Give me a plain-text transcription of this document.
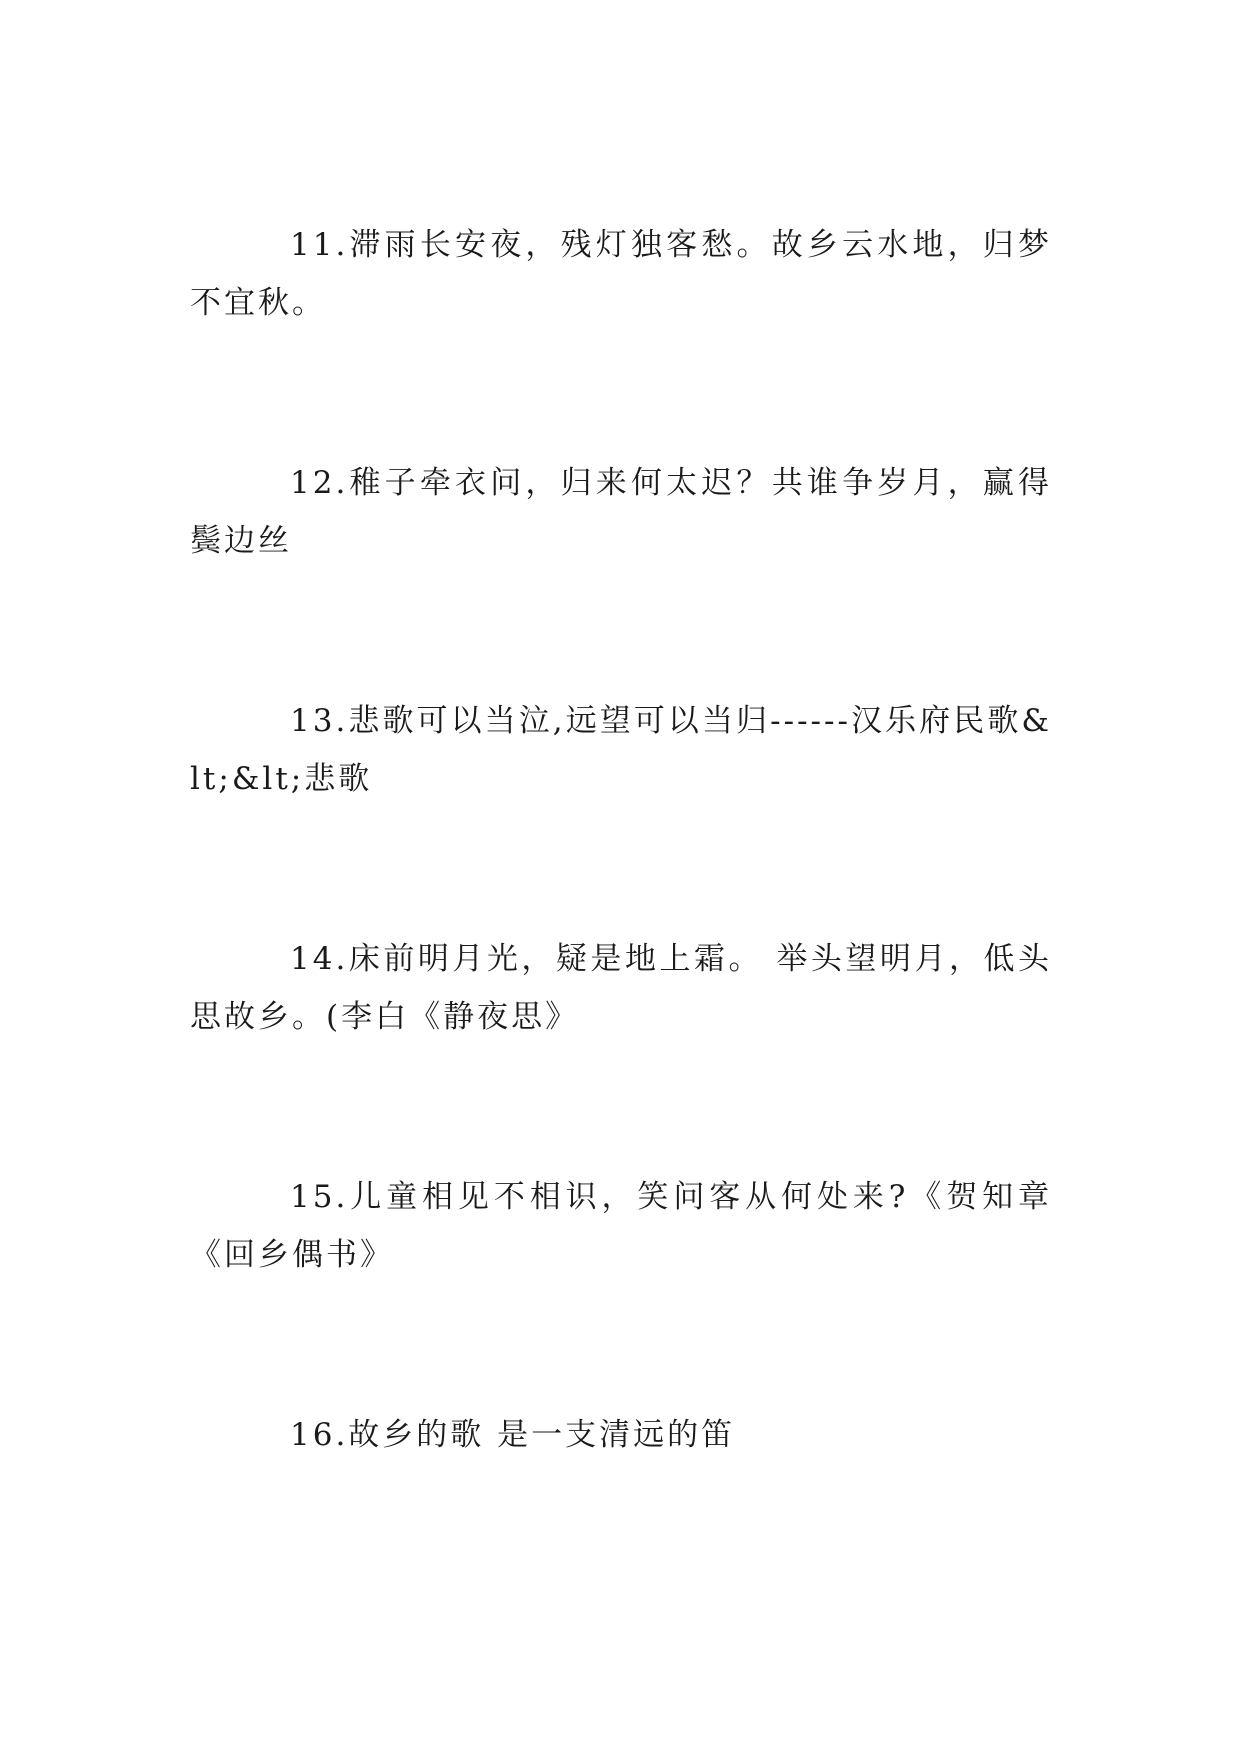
11.滞雨长安夜，残灯独客愁。故乡云水地，归梦不宜秋。

12.稚子牵衣问，归来何太迟？共谁争岁月，赢得鬓边丝

13.悲歌可以当泣,远望可以当归------汉乐府民歌&lt;&lt;悲歌

14.床前明月光，疑是地上霜。 举头望明月，低头思故乡。(李白《静夜思》

15.儿童相见不相识，笑问客从何处来?《贺知章《回乡偶书》

16.故乡的歌 是一支清远的笛
